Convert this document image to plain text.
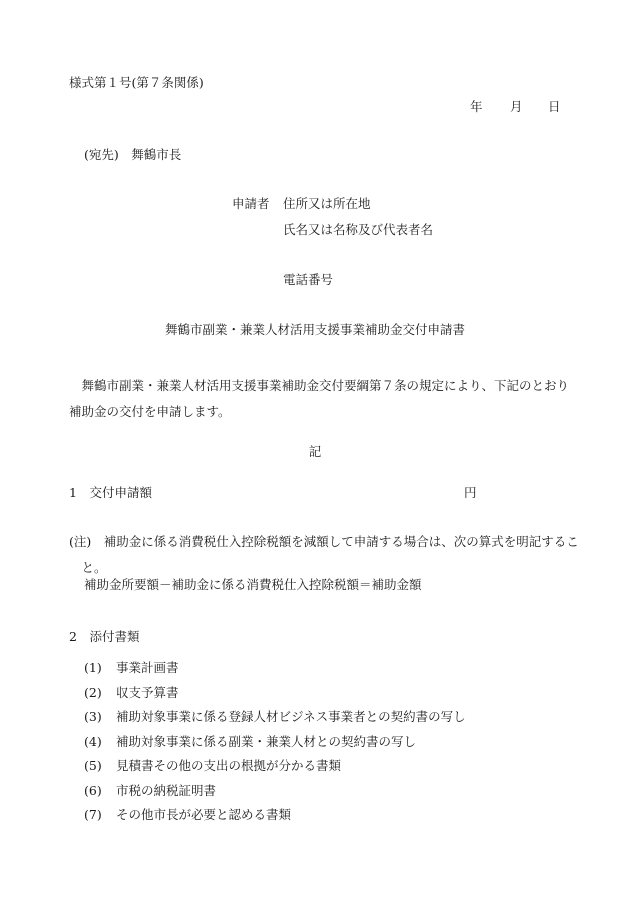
様式第１号(第７条関係)
年 月 日
(宛先)　舞鶴市長
申請者 住所又は所在地
氏名又は名称及び代表者名
電話番号
舞鶴市副業・兼業人材活用支援事業補助金交付申請書
舞鶴市副業・兼業人材活用支援事業補助金交付要綱第７条の規定により、下記のとおり補助金の交付を申請します。
記
1　交付申請額	円
(注)　補助金に係る消費税仕入控除税額を減額して申請する場合は、次の算式を明記すること。
補助金所要額－補助金に係る消費税仕入控除税額＝補助金額
2　添付書類
(1) 事業計画書
(2) 収支予算書
(3) 補助対象事業に係る登録人材ビジネス事業者との契約書の写し
(4) 補助対象事業に係る副業・兼業人材との契約書の写し
(5) 見積書その他の支出の根拠が分かる書類
(6) 市税の納税証明書
(7) その他市長が必要と認める書類
